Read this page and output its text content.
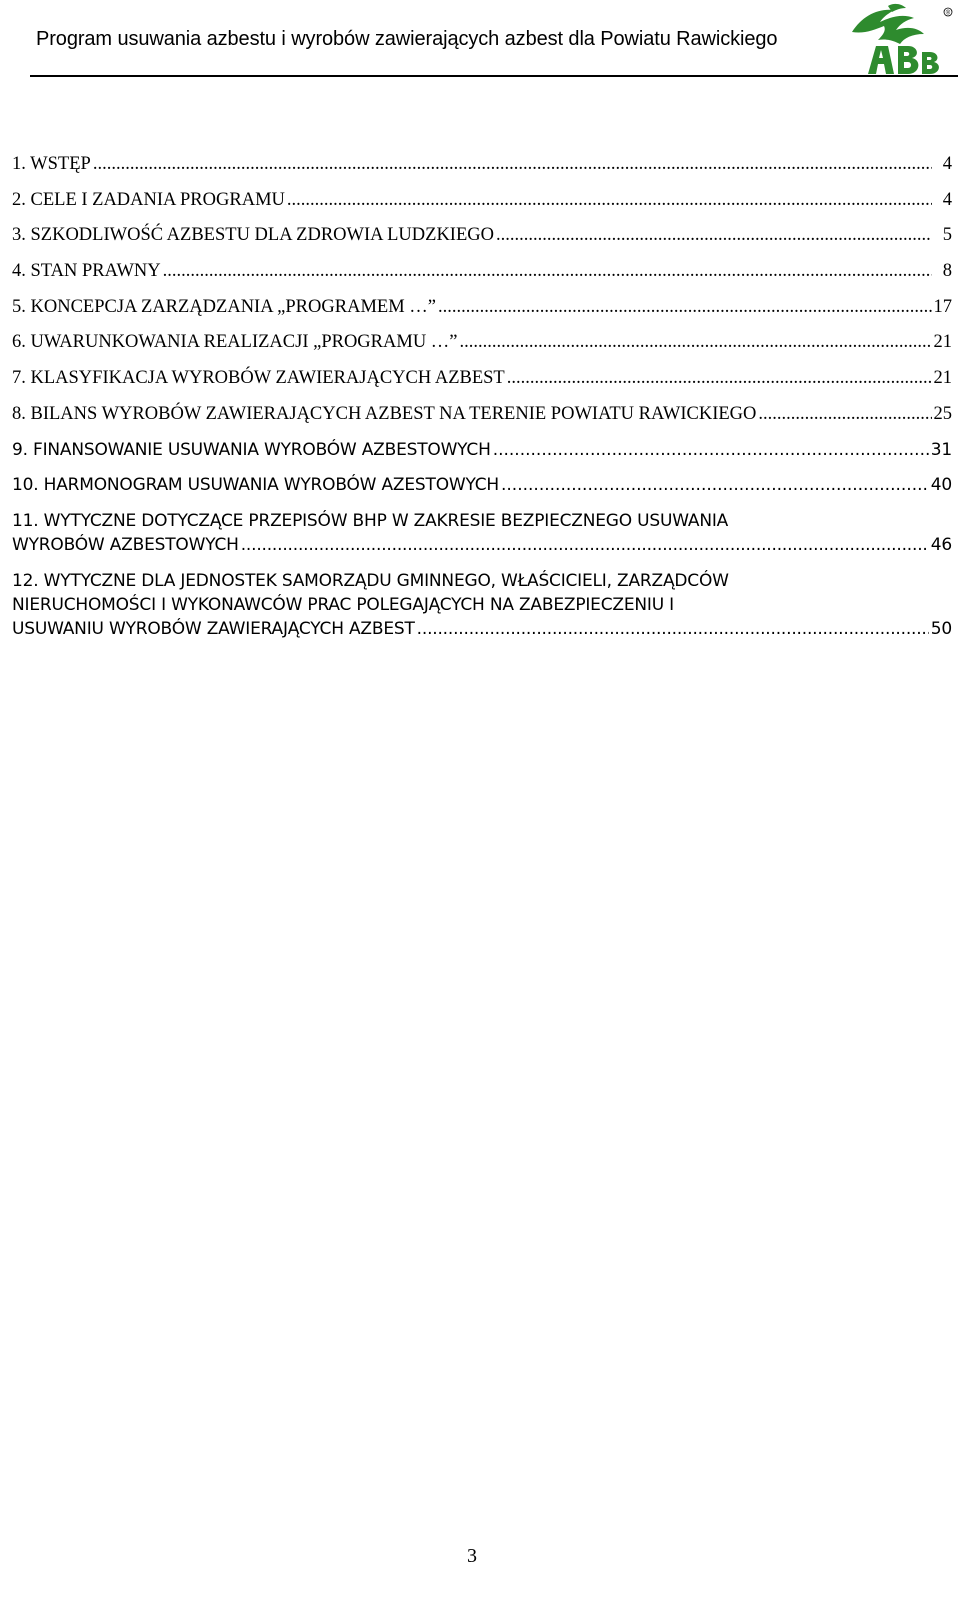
Program usuwania azbestu i wyrobów zawierających azbest dla Powiatu Rawickiego
®
1. WSTĘP .....	4
2. CELE I ZADANIA PROGRAMU .....	4
3. SZKODLIWOŚĆ AZBESTU DLA ZDROWIA LUDZKIEGO .....	5
4. STAN PRAWNY .....	8
5. KONCEPCJA ZARZĄDZANIA „PROGRAMEM …” .....	17
6. UWARUNKOWANIA REALIZACJI „PROGRAMU …” .....	21
7. KLASYFIKACJA WYROBÓW ZAWIERAJĄCYCH AZBEST .....	21
8. BILANS WYROBÓW ZAWIERAJĄCYCH AZBEST NA TERENIE POWIATU RAWICKIEGO .....	25
9. FINANSOWANIE USUWANIA WYROBÓW AZBESTOWYCH .....	31
10. HARMONOGRAM USUWANIA WYROBÓW AZESTOWYCH .....	40
11. WYTYCZNE DOTYCZĄCE PRZEPISÓW BHP W ZAKRESIE BEZPIECZNEGO USUWANIA
WYROBÓW AZBESTOWYCH .....	46
12. WYTYCZNE DLA JEDNOSTEK SAMORZĄDU GMINNEGO, WŁAŚCICIELI, ZARZĄDCÓW
NIERUCHOMOŚCI I WYKONAWCÓW PRAC POLEGAJĄCYCH NA ZABEZPIECZENIU I
USUWANIU WYROBÓW ZAWIERAJĄCYCH AZBEST .....	50
3
